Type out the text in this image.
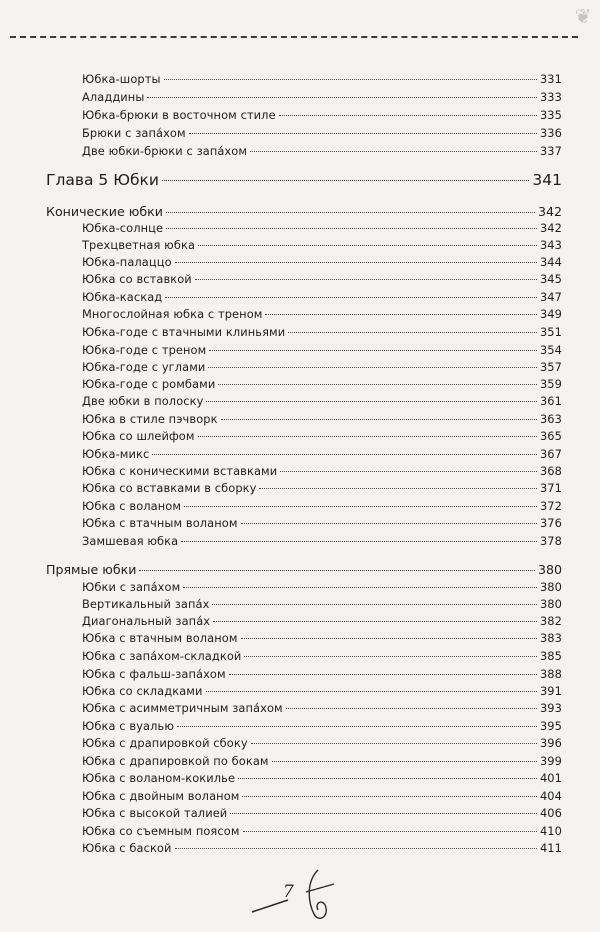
❦
Юбка-шорты	331
Аладдины	333
Юбка-брюки в восточном стиле	335
Брюки с запа́хом	336
Две юбки-брюки с запа́хом	337
Глава 5 Юбки	341
Конические юбки	342
Юбка-солнце	342
Трехцветная юбка	343
Юбка-палаццо	344
Юбка со вставкой	345
Юбка-каскад	347
Многослойная юбка с треном	349
Юбка-годе с втачными клиньями	351
Юбка-годе с треном	354
Юбка-годе с углами	357
Юбка-годе с ромбами	359
Две юбки в полоску	361
Юбка в стиле пэчворк	363
Юбка со шлейфом	365
Юбка-микс	367
Юбка с коническими вставками	368
Юбка со вставками в сборку	371
Юбка с воланом	372
Юбка с втачным воланом	376
Замшевая юбка	378
Прямые юбки	380
Юбки с запа́хом	380
Вертикальный запа́х	380
Диагональный запа́х	382
Юбка с втачным воланом	383
Юбка с запа́хом-складкой	385
Юбка с фальш-запа́хом	388
Юбка со складками	391
Юбка с асимметричным запа́хом	393
Юбка с вуалью	395
Юбка с драпировкой сбоку	396
Юбка с драпировкой по бокам	399
Юбка с воланом-кокилье	401
Юбка с двойным воланом	404
Юбка с высокой талией	406
Юбка со съемным поясом	410
Юбка с баской	411
7
